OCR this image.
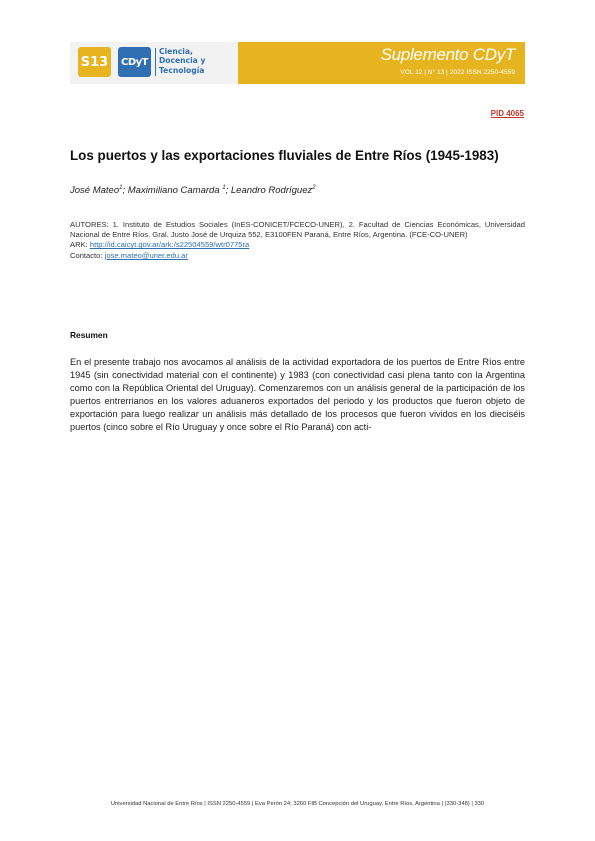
S13	CDyT
Ciencia,
Docencia y
Tecnología
Suplemento CDyT
VOL 12 | N° 13 | 2022 ISSN 2250-4559
PID 4065
Los puertos y las exportaciones fluviales de Entre Ríos (1945-1983)
José Mateo$^1$; Maximiliano Camarda $^1$; Leandro Rodríguez$^2$
AUTORES: 1. Instituto de Estudios Sociales (InES-CONICET/FCECO-UNER), 2. Facultad de Ciencias Económicas, Universidad Nacional de Entre Ríos. Gral. Justo José de Urquiza 552, E3100FEN Paraná, Entre Ríos, Argentina. (FCE-CO-UNER)
ARK: http://id.caicyt.gov.ar/ark:/s22504559/wtr0775ra
Contacto: jose.mateo@uner.edu.ar
Resumen
En el presente trabajo nos avocamos al análisis de la actividad exportadora de los puertos de Entre Ríos entre 1945 (sin conectividad material con el continente) y 1983 (con conectividad casi plena tanto con la Argentina como con la República Oriental del Uruguay). Comenzaremos con un análisis general de la participación de los puertos entrerrianos en los valores aduaneros exportados del periodo y los productos que fueron objeto de exportación para luego realizar un análisis más detallado de los procesos que fueron vividos en los dieciséis puertos (cinco sobre el Río Uruguay y once sobre el Río Paraná) con acti-
Universidad Nacional de Entre Ríos | ISSN 2250-4559 | Eva Perón 24; 3260 FIB Concepción del Uruguay, Entre Ríos, Argentina | (330-348) | 330
